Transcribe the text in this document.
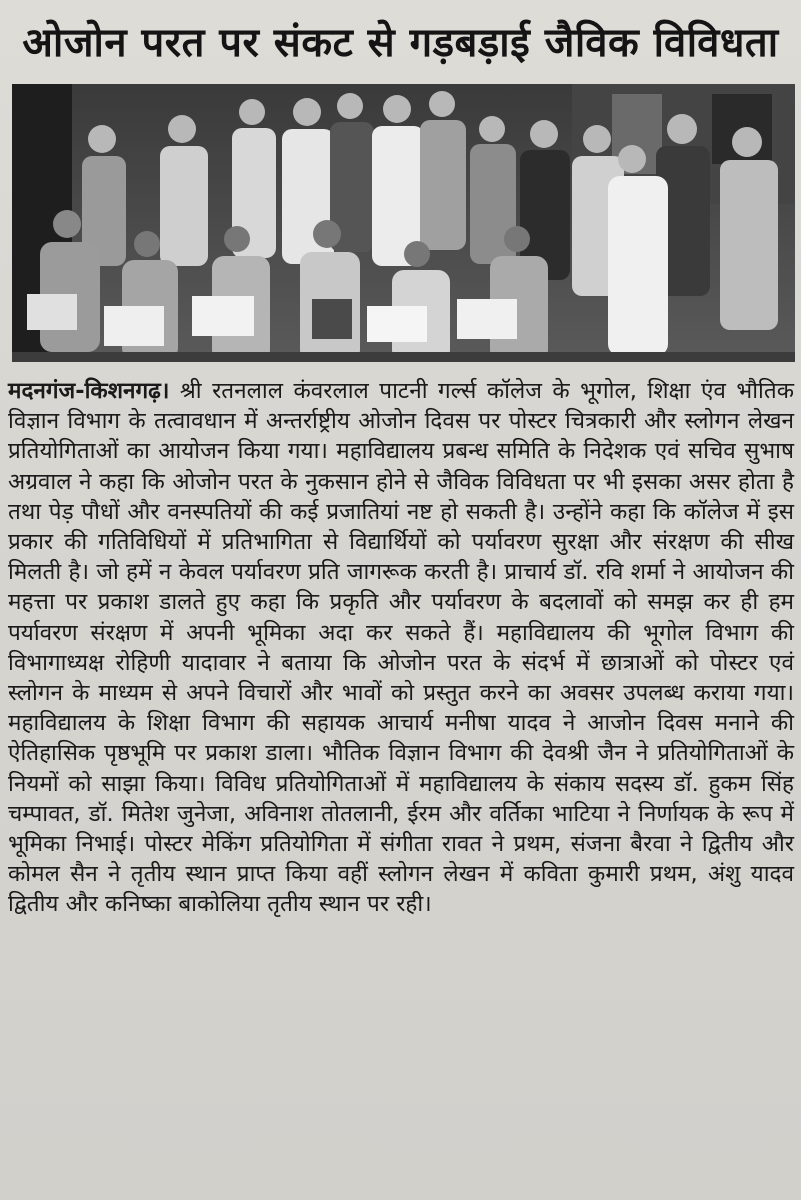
ओजोन परत पर संकट से गड़बड़ाई जैविक विविधता
मदनगंज-किशनगढ़। श्री रतनलाल कंवरलाल पाटनी गर्ल्स कॉलेज के भूगोल, शिक्षा एंव भौतिक विज्ञान विभाग के तत्वावधान में अन्तर्राष्ट्रीय ओजोन दिवस पर पोस्टर चित्रकारी और स्लोगन लेखन प्रतियोगिताओं का आयोजन किया गया। महाविद्यालय प्रबन्ध समिति के निदेशक एवं सचिव सुभाष अग्रवाल ने कहा कि ओजोन परत के नुकसान होने से जैविक विविधता पर भी इसका असर होता है तथा पेड़ पौधों और वनस्पतियों की कई प्रजातियां नष्ट हो सकती है। उन्होंने कहा कि कॉलेज में इस प्रकार की गतिविधियों में प्रतिभागिता से विद्यार्थियों को पर्यावरण सुरक्षा और संरक्षण की सीख मिलती है। जो हमें न केवल पर्यावरण प्रति जागरूक करती है। प्राचार्य डॉ. रवि शर्मा ने आयोजन की महत्ता पर प्रकाश डालते हुए कहा कि प्रकृति और पर्यावरण के बदलावों को समझ कर ही हम पर्यावरण संरक्षण में अपनी भूमिका अदा कर सकते हैं। महाविद्यालय की भूगोल विभाग की विभागाध्यक्ष रोहिणी यादावार ने बताया कि ओजोन परत के संदर्भ में छात्राओं को पोस्टर एवं स्लोगन के माध्यम से अपने विचारों और भावों को प्रस्तुत करने का अवसर उपलब्ध कराया गया। महाविद्यालय के शिक्षा विभाग की सहायक आचार्य मनीषा यादव ने आजोन दिवस मनाने की ऐतिहासिक पृष्ठभूमि पर प्रकाश डाला। भौतिक विज्ञान विभाग की देवश्री जैन ने प्रतियोगिताओं के नियमों को साझा किया। विविध प्रतियोगिताओं में महाविद्यालय के संकाय सदस्य डॉ. हुकम सिंह चम्पावत, डॉ. मितेश जुनेजा, अविनाश तोतलानी, ईरम और वर्तिका भाटिया ने निर्णायक के रूप में भूमिका निभाई। पोस्टर मेकिंग प्रतियोगिता में संगीता रावत ने प्रथम, संजना बैरवा ने द्वितीय और कोमल सैन ने तृतीय स्थान प्राप्त किया वहीं स्लोगन लेखन में कविता कुमारी प्रथम, अंशु यादव द्वितीय और कनिष्का बाकोलिया तृतीय स्थान पर रही।
